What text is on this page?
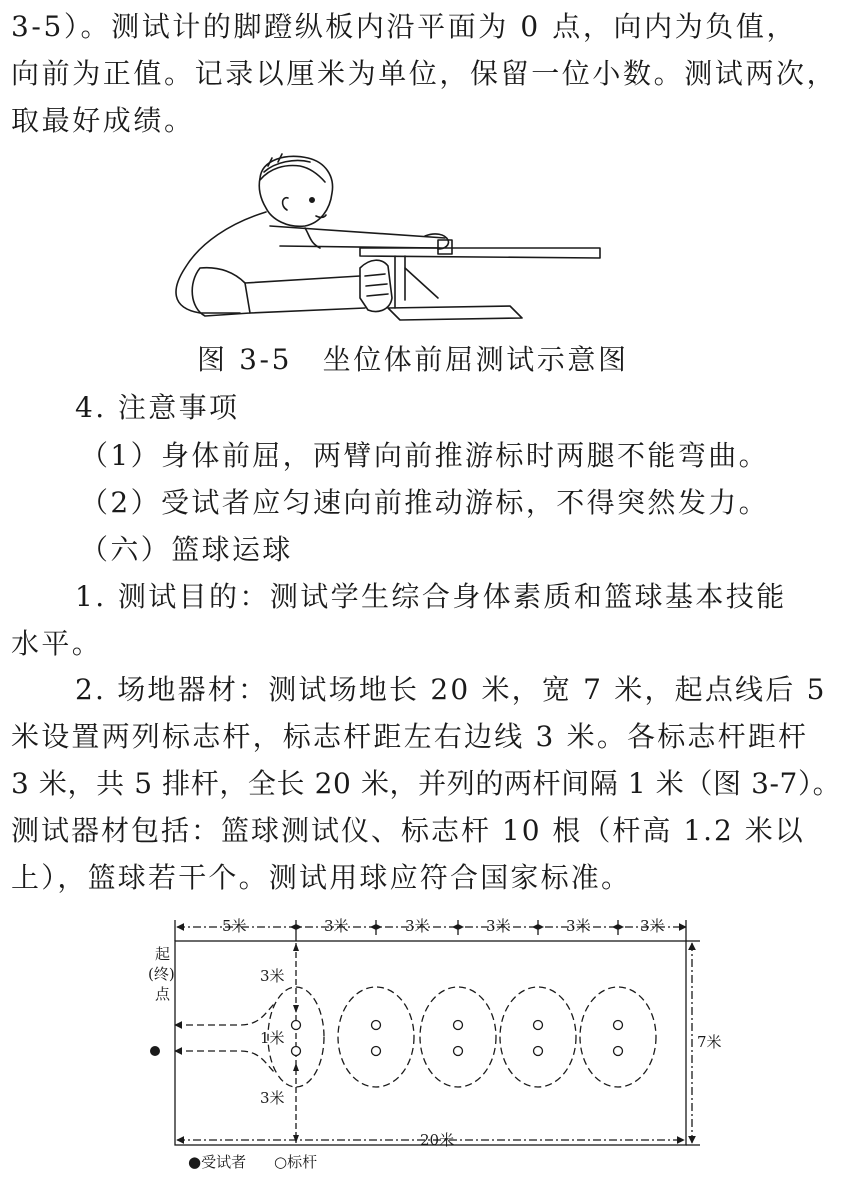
3-5）。测试计的脚蹬纵板内沿平面为 0 点，向内为负值，
向前为正值。记录以厘米为单位，保留一位小数。测试两次，
取最好成绩。
图 3-5　坐位体前屈测试示意图
4. 注意事项
（1）身体前屈，两臂向前推游标时两腿不能弯曲。
（2）受试者应匀速向前推动游标，不得突然发力。
（六）篮球运球
1. 测试目的：测试学生综合身体素质和篮球基本技能
水平。
2. 场地器材：测试场地长 20 米，宽 7 米，起点线后 5
米设置两列标志杆，标志杆距左右边线 3 米。各标志杆距杆
3 米，共 5 排杆，全长 20 米，并列的两杆间隔 1 米（图 3-7）。
测试器材包括：篮球测试仪、标志杆 10 根（杆高 1.2 米以
上），篮球若干个。测试用球应符合国家标准。
5米	3米	3米	3米	3米	3米
起
(终)
点
3米
1米
3米
7米
20米
●受试者 ○标杆
